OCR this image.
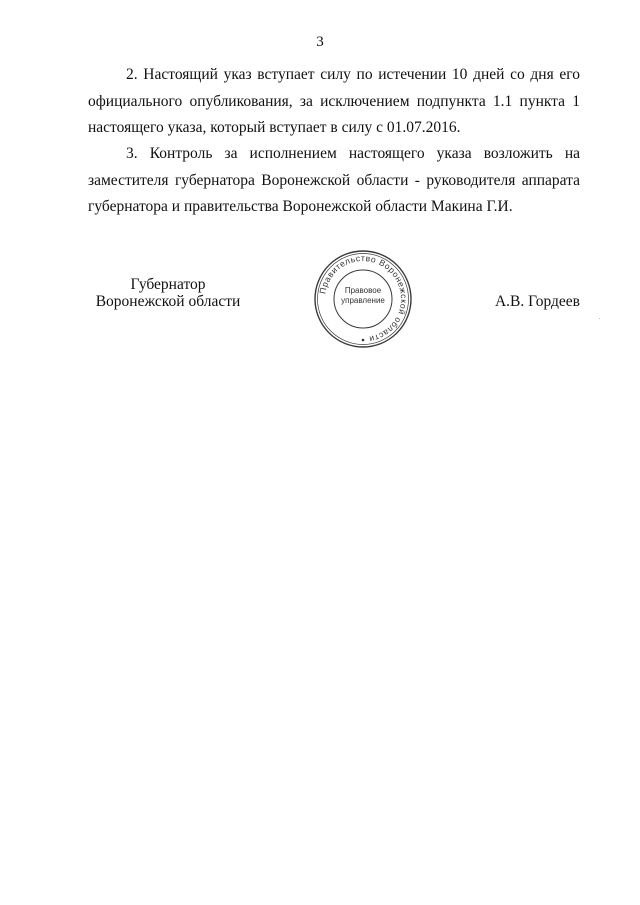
3

2. Настоящий указ вступает силу по истечении 10 дней со дня его официального опубликования, за исключением подпункта 1.1 пункта 1 настоящего указа, который вступает в силу с 01.07.2016.

3. Контроль за исполнением настоящего указа возложить на заместителя губернатора Воронежской области - руководителя аппарата губернатора и правительства Воронежской области Макина Г.И.

Губернатор
Воронежской области
Правительство Воронежской области
Правовое
управление	А.В. Гордеев
